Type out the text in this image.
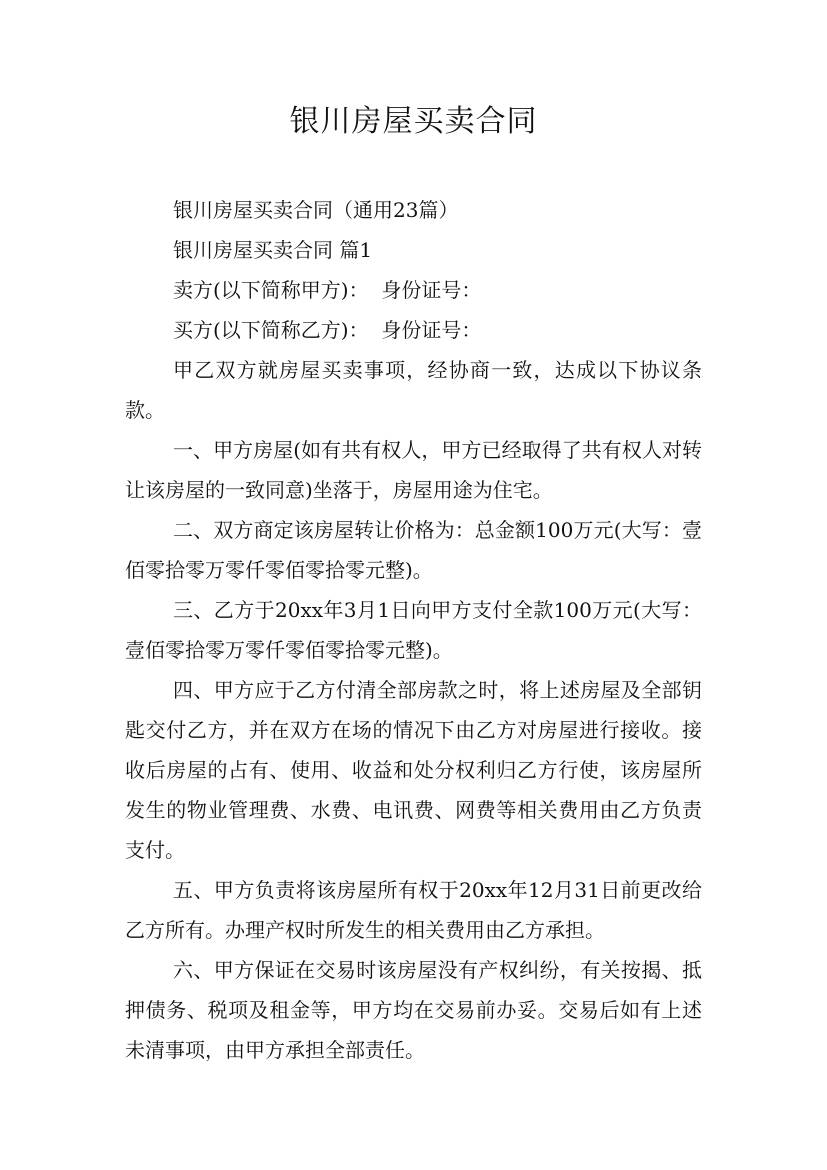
银川房屋买卖合同

银川房屋买卖合同（通用23篇）

银川房屋买卖合同 篇1

卖方(以下简称甲方)：  身份证号：

买方(以下简称乙方)：  身份证号：

甲乙双方就房屋买卖事项，经协商一致，达成以下协议条款。

一、甲方房屋(如有共有权人，甲方已经取得了共有权人对转让该房屋的一致同意)坐落于，房屋用途为住宅。

二、双方商定该房屋转让价格为：总金额100万元(大写：壹佰零拾零万零仟零佰零拾零元整)。

三、乙方于20xx年3月1日向甲方支付全款100万元(大写：壹佰零拾零万零仟零佰零拾零元整)。

四、甲方应于乙方付清全部房款之时，将上述房屋及全部钥匙交付乙方，并在双方在场的情况下由乙方对房屋进行接收。接收后房屋的占有、使用、收益和处分权利归乙方行使，该房屋所发生的物业管理费、水费、电讯费、网费等相关费用由乙方负责支付。

五、甲方负责将该房屋所有权于20xx年12月31日前更改给乙方所有。办理产权时所发生的相关费用由乙方承担。

六、甲方保证在交易时该房屋没有产权纠纷，有关按揭、抵押债务、税项及租金等，甲方均在交易前办妥。交易后如有上述未清事项，由甲方承担全部责任。
